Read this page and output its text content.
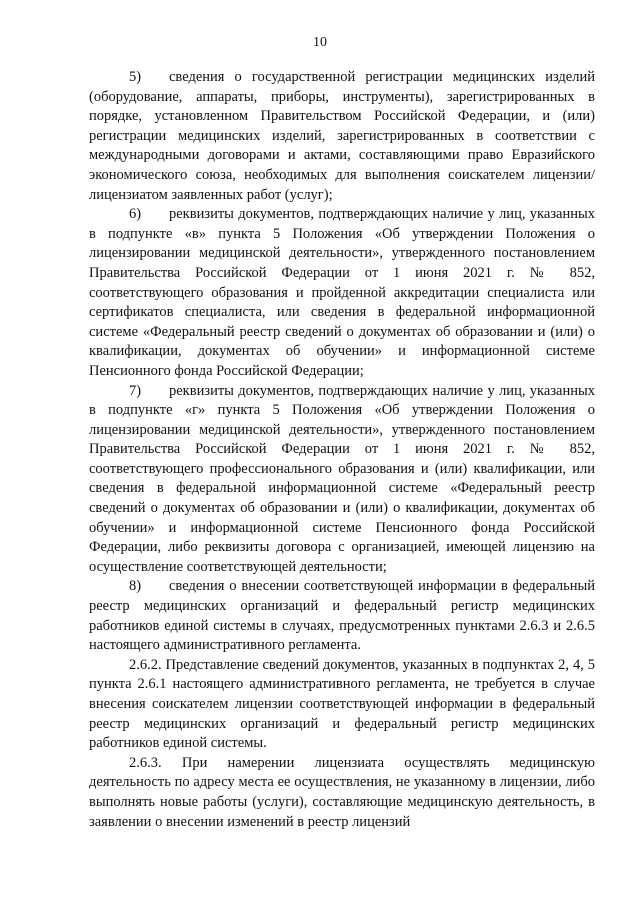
10

5) сведения о государственной регистрации медицинских изделий (оборудование, аппараты, приборы, инструменты), зарегистрированных в порядке, установленном Правительством Российской Федерации, и (или) регистрации медицинских изделий, зарегистрированных в соответствии с международными договорами и актами, составляющими право Евразийского экономического союза, необходимых для выполнения соискателем лицензии/ лицензиатом заявленных работ (услуг);

6) реквизиты документов, подтверждающих наличие у лиц, указанных в подпункте «в» пункта 5 Положения «Об утверждении Положения о лицензировании медицинской деятельности», утвержденного постановлением Правительства Российской Федерации от 1 июня 2021 г. № 852, соответствующего образования и пройденной аккредитации специалиста или сертификатов специалиста, или сведения в федеральной информационной системе «Федеральный реестр сведений о документах об образовании и (или) о квалификации, документах об обучении» и информационной системе Пенсионного фонда Российской Федерации;

7) реквизиты документов, подтверждающих наличие у лиц, указанных в подпункте «г» пункта 5 Положения «Об утверждении Положения о лицензировании медицинской деятельности», утвержденного постановлением Правительства Российской Федерации от 1 июня 2021 г. № 852, соответствующего профессионального образования и (или) квалификации, или сведения в федеральной информационной системе «Федеральный реестр сведений о документах об образовании и (или) о квалификации, документах об обучении» и информационной системе Пенсионного фонда Российской Федерации, либо реквизиты договора с организацией, имеющей лицензию на осуществление соответствующей деятельности;

8) сведения о внесении соответствующей информации в федеральный реестр медицинских организаций и федеральный регистр медицинских работников единой системы в случаях, предусмотренных пунктами 2.6.3 и 2.6.5 настоящего административного регламента.

2.6.2. Представление сведений документов, указанных в подпунктах 2, 4, 5 пункта 2.6.1 настоящего административного регламента, не требуется в случае внесения соискателем лицензии соответствующей информации в федеральный реестр медицинских организаций и федеральный регистр медицинских работников единой системы.

2.6.3. При намерении лицензиата осуществлять медицинскую деятельность по адресу места ее осуществления, не указанному в лицензии, либо выполнять новые работы (услуги), составляющие медицинскую деятельность, в заявлении о внесении изменений в реестр лицензий
